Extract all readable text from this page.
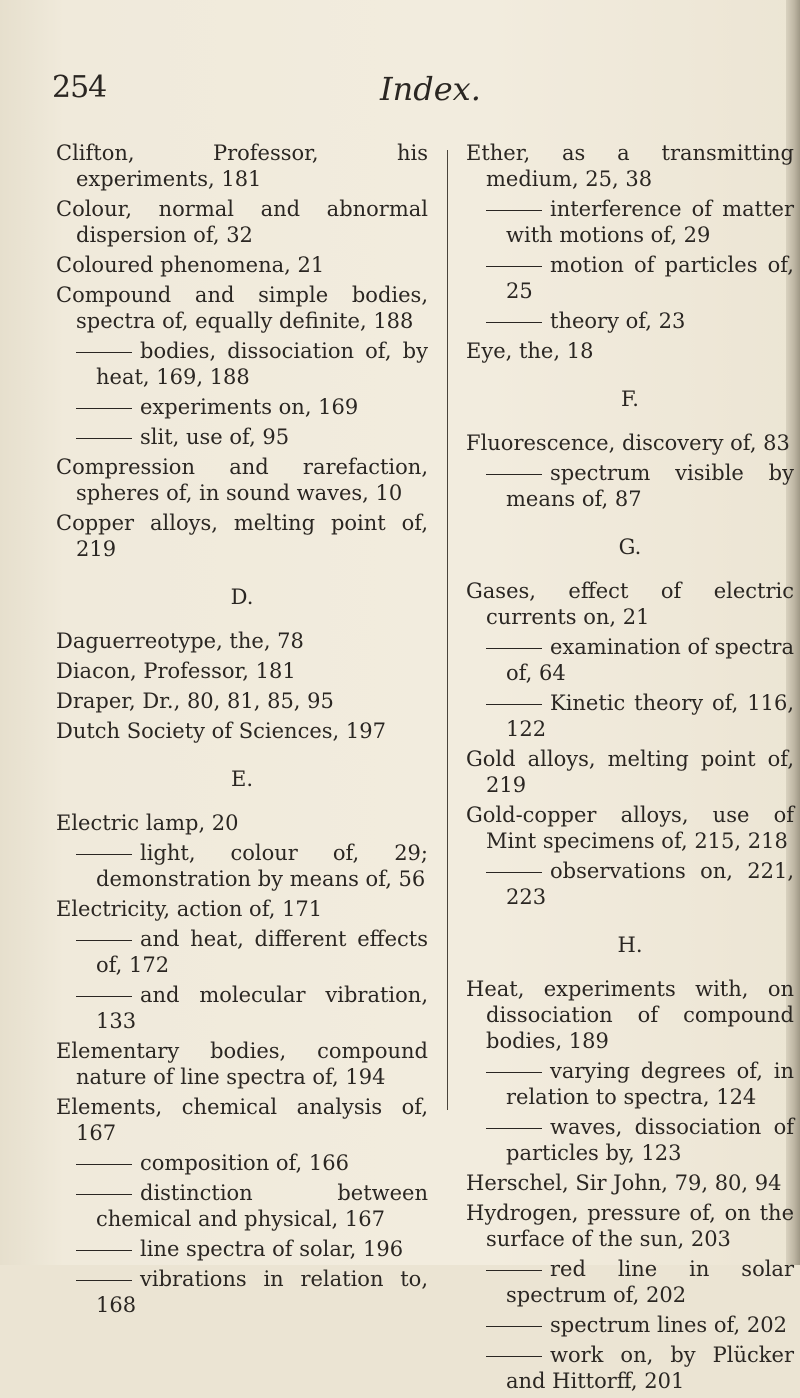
254	Index.
Clifton, Professor, his experiments, 181
Colour, normal and abnormal dispersion of, 32
Coloured phenomena, 21
Compound and simple bodies, spectra of, equally definite, 188
bodies, dissociation of, by heat, 169, 188
experiments on, 169
slit, use of, 95
Compression and rarefaction, spheres of, in sound waves, 10
Copper alloys, melting point of, 219
D.
Daguerreotype, the, 78
Diacon, Professor, 181
Draper, Dr., 80, 81, 85, 95
Dutch Society of Sciences, 197
E.
Electric lamp, 20
light, colour of, 29; demonstration by means of, 56
Electricity, action of, 171
and heat, different effects of, 172
and molecular vibration, 133
Elementary bodies, compound nature of line spectra of, 194
Elements, chemical analysis of, 167
composition of, 166
distinction between chemical and physical, 167
line spectra of solar, 196
vibrations in relation to, 168
Ether, as a transmitting medium, 25, 38
interference of matter with motions of, 29
motion of particles of, 25
theory of, 23
Eye, the, 18
F.
Fluorescence, discovery of, 83
spectrum visible by means of, 87
G.
Gases, effect of electric currents on, 21
examination of spectra of, 64
Kinetic theory of, 116, 122
Gold alloys, melting point of, 219
Gold-copper alloys, use of Mint specimens of, 215, 218
observations on, 221, 223
H.
Heat, experiments with, on dissociation of compound bodies, 189
varying degrees of, in relation to spectra, 124
waves, dissociation of particles by, 123
Herschel, Sir John, 79, 80, 94
Hydrogen, pressure of, on the surface of the sun, 203
red line in solar spectrum of, 202
spectrum lines of, 202
work on, by Plücker and Hittorff, 201
